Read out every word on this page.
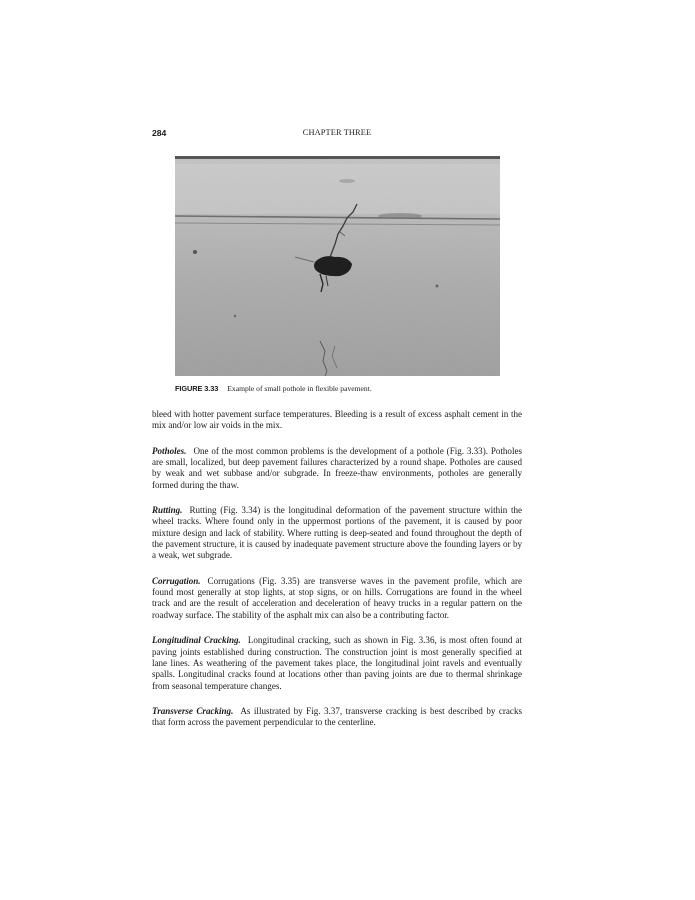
284	CHAPTER THREE
FIGURE 3.33 Example of small pothole in flexible pavement.

bleed with hotter pavement surface temperatures. Bleeding is a result of excess asphalt cement in the mix and/or low air voids in the mix.

Potholes. One of the most common problems is the development of a pothole (Fig. 3.33). Potholes are small, localized, but deep pavement failures characterized by a round shape. Potholes are caused by weak and wet subbase and/or subgrade. In freeze-thaw environments, potholes are generally formed during the thaw.

Rutting. Rutting (Fig. 3.34) is the longitudinal deformation of the pavement structure within the wheel tracks. Where found only in the uppermost portions of the pavement, it is caused by poor mixture design and lack of stability. Where rutting is deep-seated and found throughout the depth of the pavement structure, it is caused by inadequate pavement structure above the founding layers or by a weak, wet subgrade.

Corrugation. Corrugations (Fig. 3.35) are transverse waves in the pavement profile, which are found most generally at stop lights, at stop signs, or on hills. Corrugations are found in the wheel track and are the result of acceleration and deceleration of heavy trucks in a regular pattern on the roadway surface. The stability of the asphalt mix can also be a contributing factor.

Longitudinal Cracking. Longitudinal cracking, such as shown in Fig. 3.36, is most often found at paving joints established during construction. The construction joint is most generally specified at lane lines. As weathering of the pavement takes place, the longitudinal joint ravels and eventually spalls. Longitudinal cracks found at locations other than paving joints are due to thermal shrinkage from seasonal temperature changes.

Transverse Cracking. As illustrated by Fig. 3.37, transverse cracking is best described by cracks that form across the pavement perpendicular to the centerline.
